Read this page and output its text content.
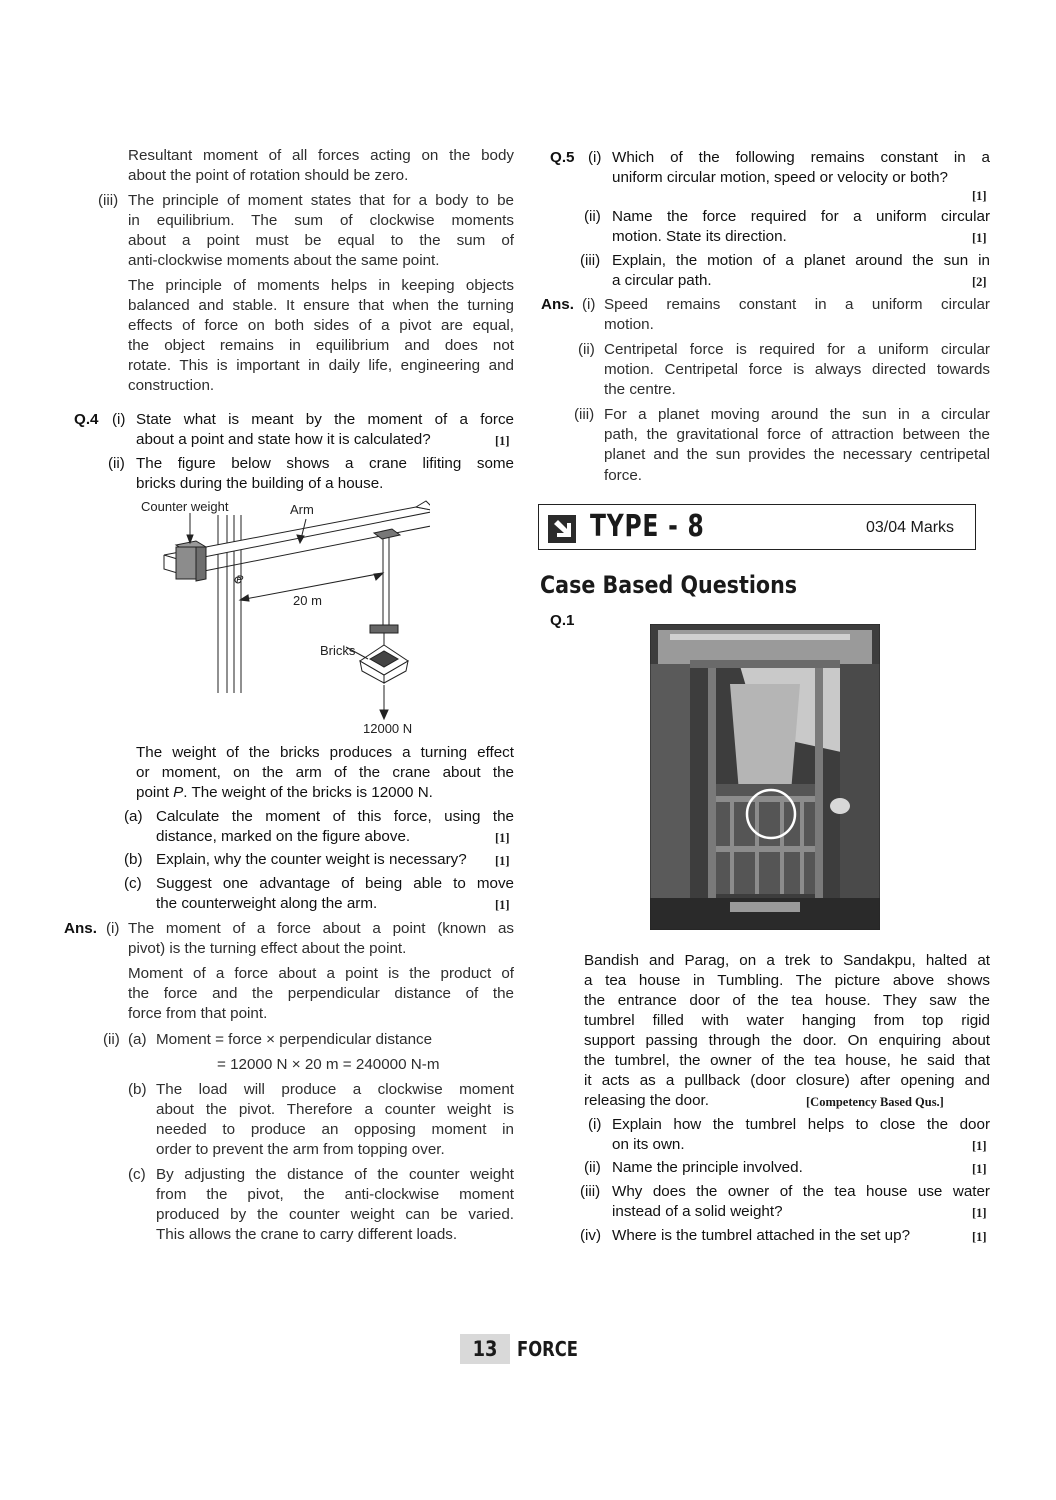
Resultant moment of all forces acting on the body

about the point of rotation should be zero.

(iii) The principle of moment states that for a body to be

in equilibrium. The sum of clockwise moments

about a point must be equal to the sum of

anti-clockwise moments about the same point.

The principle of moments helps in keeping objects

balanced and stable. It ensure that when the turning

effects of force on both sides of a pivot are equal,

the object remains in equilibrium and does not

rotate. This is important in daily life, engineering and

construction.

Q.4 (i) State what is meant by the moment of a force

about a point and state how it is calculated?	[1]
(ii) The figure below shows a crane lifiting some

bricks during the building of a house.

Counter weight	Arm
P
20 m
Bricks
12000 N

The weight of the bricks produces a turning effect

or moment, on the arm of the crane about the

point P. The weight of the bricks is 12000 N.

(a) Calculate the moment of this force, using the

distance, marked on the figure above.	[1]
(b) Explain, why the counter weight is necessary? [1]
(c) Suggest one advantage of being able to move

the counterweight along the arm.	[1]
Ans. (i) The moment of a force about a point (known as

pivot) is the turning effect about the point.

Moment of a force about a point is the product of

the force and the perpendicular distance of the

force from that point.

(ii) (a) Moment = force × perpendicular distance

= 12000 N × 20 m = 240000 N-m

(b) The load will produce a clockwise moment

about the pivot. Therefore a counter weight is

needed to produce an opposing moment in

order to prevent the arm from topping over.

(c) By adjusting the distance of the counter weight

from the pivot, the anti-clockwise moment

produced by the counter weight can be varied.

This allows the crane to carry different loads.

Q.5 (i) Which of the following remains constant in a

uniform circular motion, speed or velocity or both?

[1]
(ii) Name the force required for a uniform circular

motion. State its direction.	[1]
(iii) Explain, the motion of a planet around the sun in

a circular path.	[2]
Ans. (i) Speed remains constant in a uniform circular

motion.

(ii) Centripetal force is required for a uniform circular

motion. Centripetal force is always directed towards

the centre.

(iii) For a planet moving around the sun in a circular

path, the gravitational force of attraction between the

planet and the sun provides the necessary centripetal

force.

TYPE - 8	03/04 Marks
Case Based Questions
Q.1

Bandish and Parag, on a trek to Sandakpu, halted at

a tea house in Tumbling. The picture above shows

the entrance door of the tea house. They saw the

tumbrel filled with water hanging from top rigid

support passing through the door. On enquiring about

the tumbrel, the owner of the tea house, he said that

it acts as a pullback (door closure) after opening and

releasing the door.	[Competency Based Qus.]
(i) Explain how the tumbrel helps to close the door

on its own.	[1]
(ii) Name the principle involved.	[1]
(iii) Why does the owner of the tea house use water

instead of a solid weight?	[1]
(iv) Where is the tumbrel attached in the set up?	[1]
13 FORCE
